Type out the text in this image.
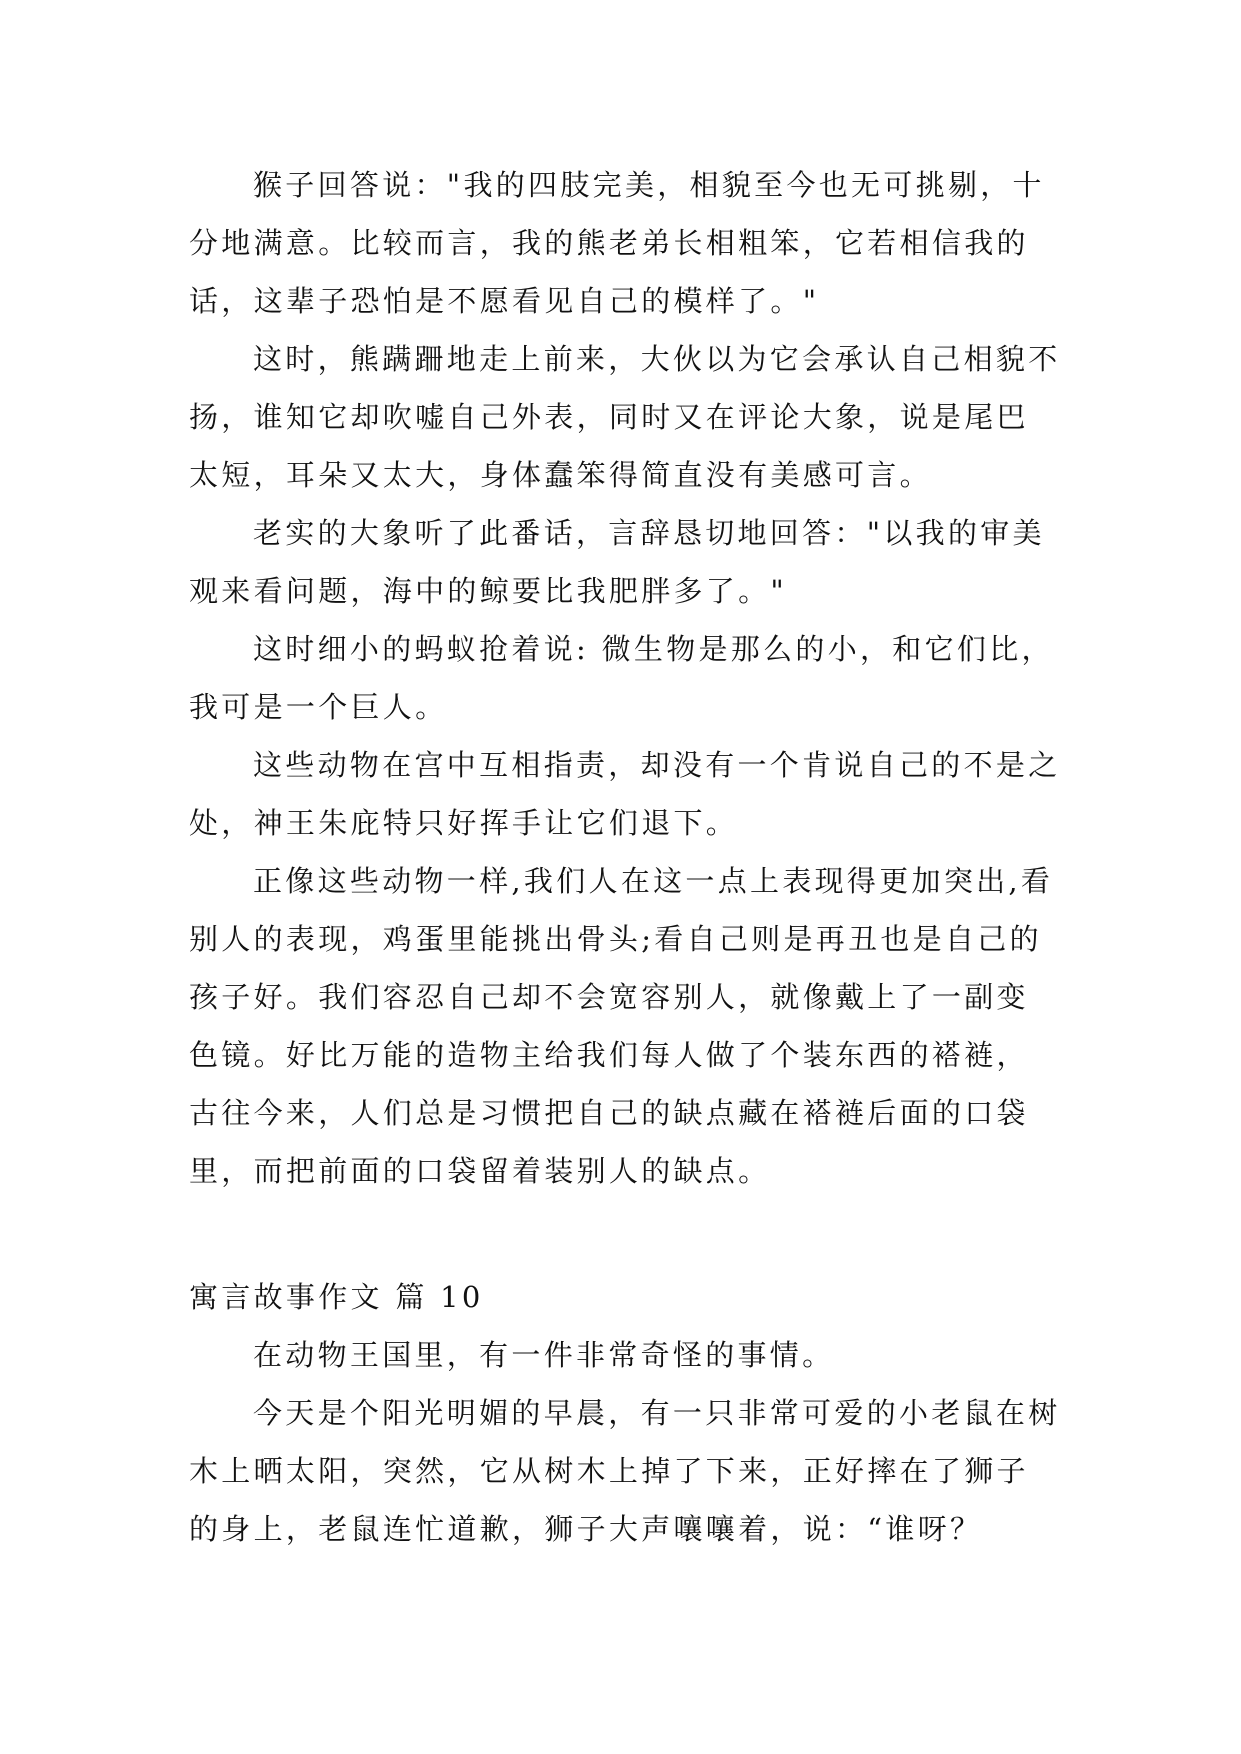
猴子回答说："我的四肢完美，相貌至今也无可挑剔，十分地满意。比较而言，我的熊老弟长相粗笨，它若相信我的话，这辈子恐怕是不愿看见自己的模样了。"

这时，熊蹒跚地走上前来，大伙以为它会承认自己相貌不扬，谁知它却吹嘘自己外表，同时又在评论大象，说是尾巴太短，耳朵又太大，身体蠢笨得简直没有美感可言。

老实的大象听了此番话，言辞恳切地回答："以我的审美观来看问题，海中的鲸要比我肥胖多了。"

这时细小的蚂蚁抢着说: 微生物是那么的小，和它们比，我可是一个巨人。

这些动物在宫中互相指责，却没有一个肯说自己的不是之处，神王朱庇特只好挥手让它们退下。

正像这些动物一样,我们人在这一点上表现得更加突出,看别人的表现，鸡蛋里能挑出骨头;看自己则是再丑也是自己的孩子好。我们容忍自己却不会宽容别人，就像戴上了一副变色镜。好比万能的造物主给我们每人做了个装东西的褡裢，古往今来，人们总是习惯把自己的缺点藏在褡裢后面的口袋里，而把前面的口袋留着装别人的缺点。

寓言故事作文 篇 10

在动物王国里，有一件非常奇怪的事情。

今天是个阳光明媚的早晨，有一只非常可爱的小老鼠在树木上晒太阳，突然，它从树木上掉了下来，正好摔在了狮子的身上，老鼠连忙道歉，狮子大声嚷嚷着，说：“谁呀？
